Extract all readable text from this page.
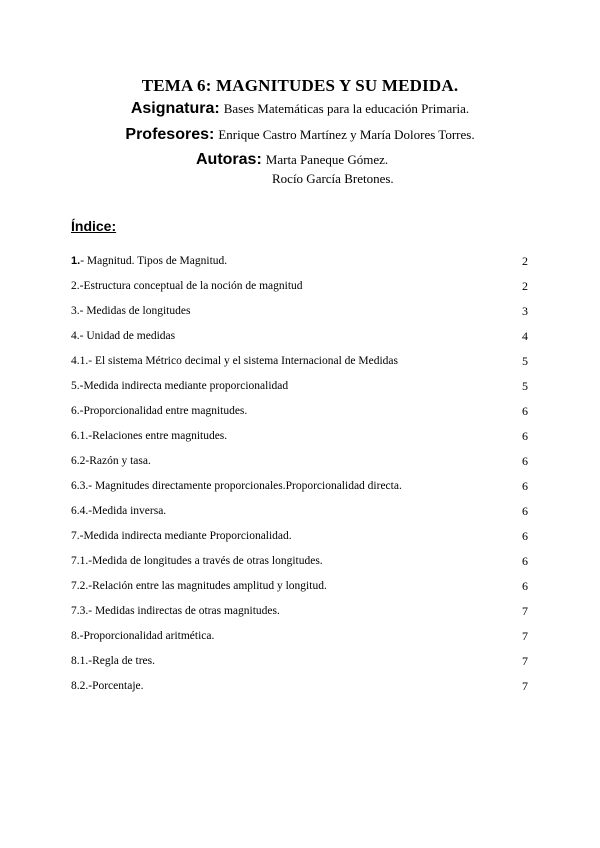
TEMA 6: MAGNITUDES Y SU MEDIDA.
Asignatura: Bases Matemáticas para la educación Primaria.
Profesores: Enrique Castro Martínez y María Dolores Torres.
Autoras: Marta Paneque Gómez.
Rocío García Bretones.
Índice:
1.- Magnitud. Tipos de Magnitud.	2
2.-Estructura conceptual de la noción de magnitud	2
3.- Medidas de longitudes	3
4.- Unidad de medidas	4
4.1.- El sistema Métrico decimal y el sistema Internacional de Medidas	5
5.-Medida indirecta mediante proporcionalidad	5
6.-Proporcionalidad entre magnitudes.	6
6.1.-Relaciones entre magnitudes.	6
6.2-Razón y tasa.	6
6.3.- Magnitudes directamente proporcionales.Proporcionalidad directa.	6
6.4.-Medida inversa.	6
7.-Medida indirecta mediante Proporcionalidad.	6
7.1.-Medida de longitudes a través de otras longitudes.	6
7.2.-Relación entre las magnitudes amplitud y longitud.	6
7.3.- Medidas indirectas de otras magnitudes.	7
8.-Proporcionalidad aritmética.	7
8.1.-Regla de tres.	7
8.2.-Porcentaje.	7
